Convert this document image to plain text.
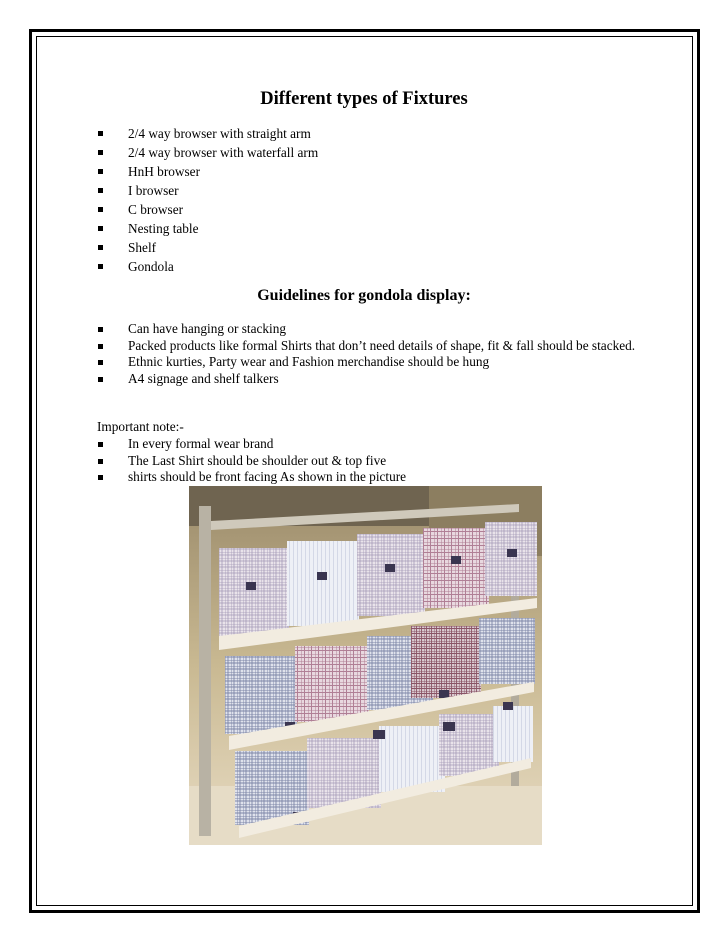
Different types of Fixtures
2/4 way browser with straight arm
2/4 way browser with waterfall arm
HnH browser
I browser
C browser
Nesting table
Shelf
Gondola
Guidelines for gondola display:
Can have hanging or stacking
Packed products like formal Shirts that don’t need details of shape, fit & fall should be stacked.
Ethnic kurties, Party wear and Fashion merchandise should be hung
A4 signage and shelf talkers
Important note:-
In every formal wear brand
The Last Shirt should be shoulder out & top five
shirts should be front facing As shown in the picture
